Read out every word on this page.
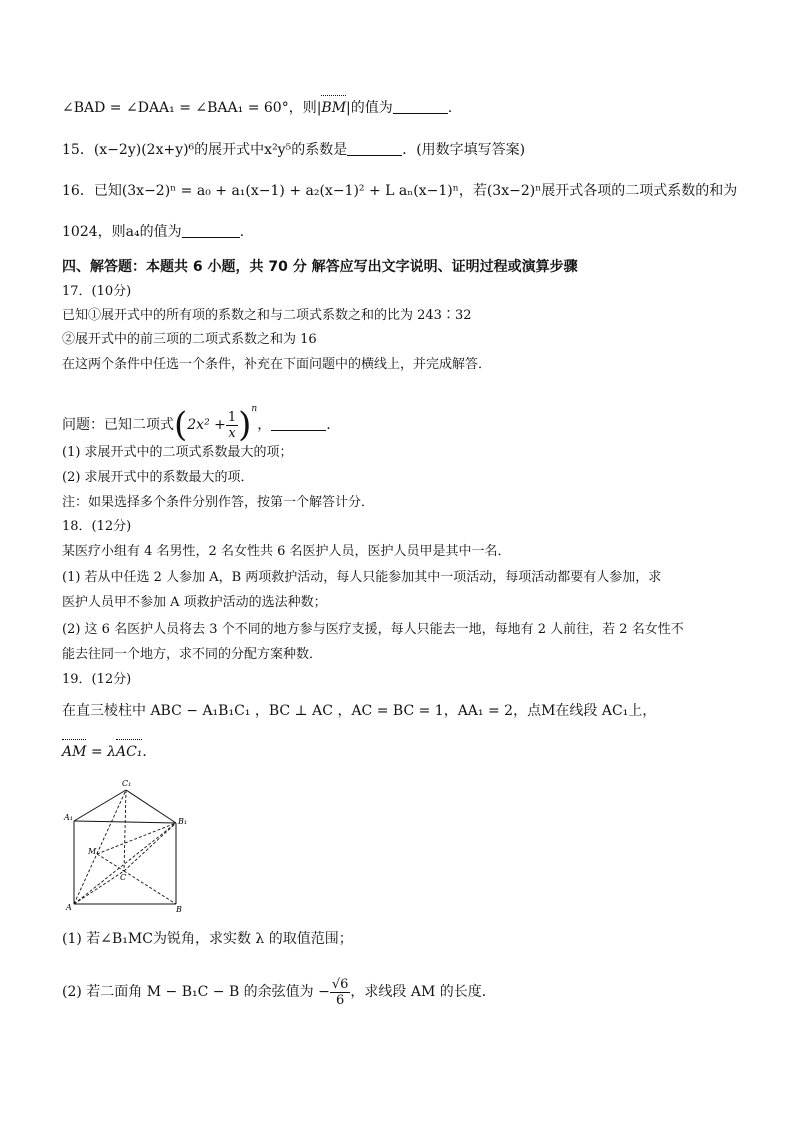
∠BAD = ∠DAA₁ = ∠BAA₁ = 60°，则|BM|的值为	.
15．(x−2y)(2x+y)⁶的展开式中x²y⁵的系数是	．(用数字填写答案)
16．已知(3x−2)ⁿ = a₀ + a₁(x−1) + a₂(x−1)² + L aₙ(x−1)ⁿ，若(3x−2)ⁿ展开式各项的二项式系数的和为
1024，则a₄的值为	.
四、解答题：本题共 6 小题，共 70 分 解答应写出文字说明、证明过程或演算步骤
17．(10分)
已知①展开式中的所有项的系数之和与二项式系数之和的比为 243∶32
②展开式中的前三项的二项式系数之和为 16
在这两个条件中任选一个条件，补充在下面问题中的横线上，并完成解答．
问题：已知二项式$(2x^2 + \frac{1}{x} )^n$，	.
(1) 求展开式中的二项式系数最大的项；
(2) 求展开式中的系数最大的项．
注：如果选择多个条件分别作答，按第一个解答计分．
18．(12分)
某医疗小组有 4 名男性，2 名女性共 6 名医护人员，医护人员甲是其中一名．
(1) 若从中任选 2 人参加 A，B 两项救护活动，每人只能参加其中一项活动，每项活动都要有人参加，求
医护人员甲不参加 A 项救护活动的选法种数；
(2) 这 6 名医护人员将去 3 个不同的地方参与医疗支援，每人只能去一地，每地有 2 人前往，若 2 名女性不
能去往同一个地方，求不同的分配方案种数．
19．(12分)
在直三棱柱中 ABC − A₁B₁C₁ ，BC ⊥ AC ，AC = BC = 1，AA₁ = 2，点M在线段 AC₁上，
AM = λAC₁．
C₁
A₁	B₁
M
C
A	B
(1) 若∠B₁MC为锐角，求实数 λ 的取值范围；
(2) 若二面角 M − B₁C − B 的余弦值为 − $\frac{√6}{6}$ ，求线段 AM 的长度．
